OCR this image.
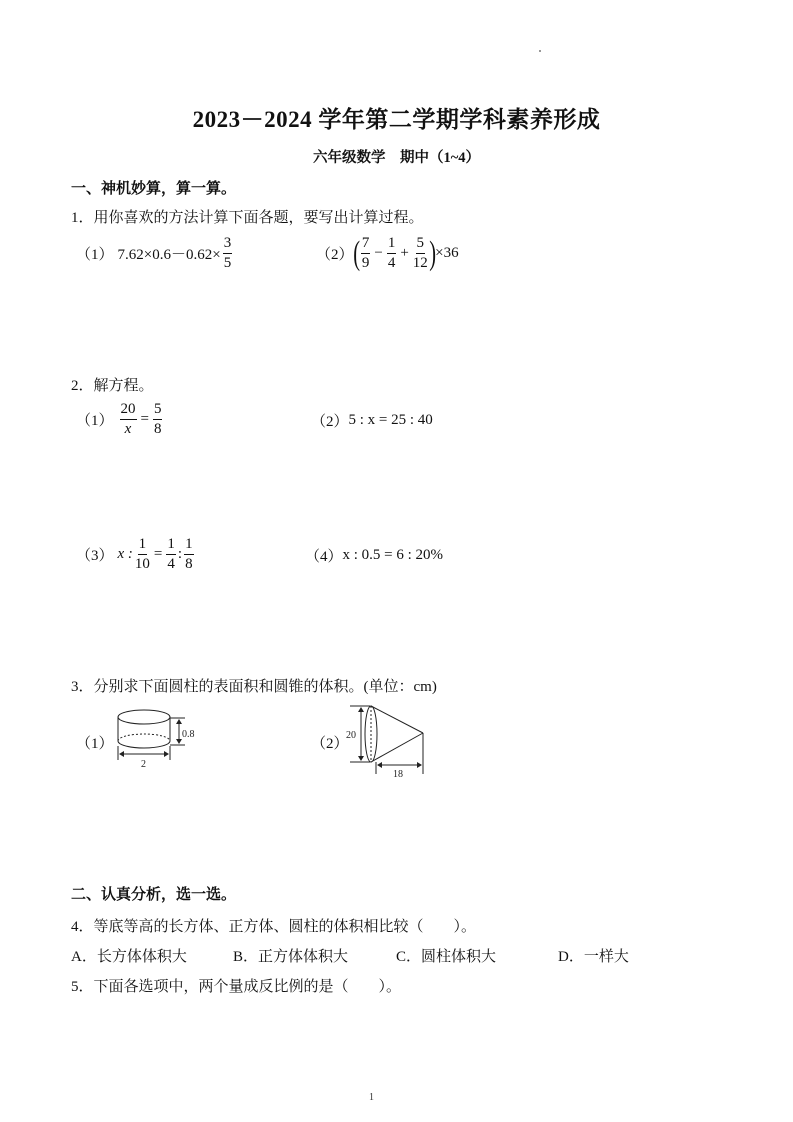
2023－2024 学年第二学期学科素养形成
六年级数学　期中（1~4）
一、神机妙算，算一算。
1．用你喜欢的方法计算下面各题，要写出计算过程。
（1） $7.62\times 0.6-0.62\times \frac{3}{5}$	（2） ( $\frac{7}{9} - \frac{1}{4} + \frac{5}{12}$ ) ×36
2．解方程。
$(1) \frac{20}{x} = \frac{5}{8}$	（2） 5 : x = 25 : 40
（3） x : $\frac{1}{10} = \frac{1}{4}$ : $\frac{1}{8}$	（4） x : 0.5 = 6 : 20%
3．分别求下面圆柱的表面积和圆锥的体积。(单位：cm)
（1）
0.8
2
（2）
20
18
二、认真分析，选一选。
4．等底等高的长方体、正方体、圆柱的体积相比较（　　）。
A．长方体体积大	B．正方体体积大	C．圆柱体积大	D．一样大
5．下面各选项中，两个量成反比例的是（　　）。
1
